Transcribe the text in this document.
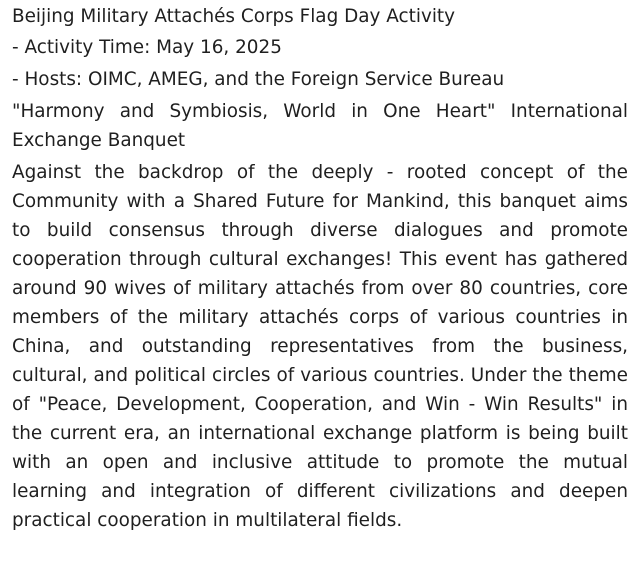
Beijing Military Attachés Corps Flag Day Activity

- Activity Time: May 16, 2025

- Hosts: OIMC, AMEG, and the Foreign Service Bureau

"Harmony and Symbiosis, World in One Heart" International Exchange Banquet

Against the backdrop of the deeply - rooted concept of the Community with a Shared Future for Mankind, this banquet aims to build consensus through diverse dialogues and promote cooperation through cultural exchanges! This event has gathered around 90 wives of military attachés from over 80 countries, core members of the military attachés corps of various countries in China, and outstanding representatives from the business, cultural, and political circles of various countries. Under the theme of "Peace, Development, Cooperation, and Win - Win Results" in the current era, an international exchange platform is being built with an open and inclusive attitude to promote the mutual learning and integration of different civilizations and deepen practical cooperation in multilateral fields.
